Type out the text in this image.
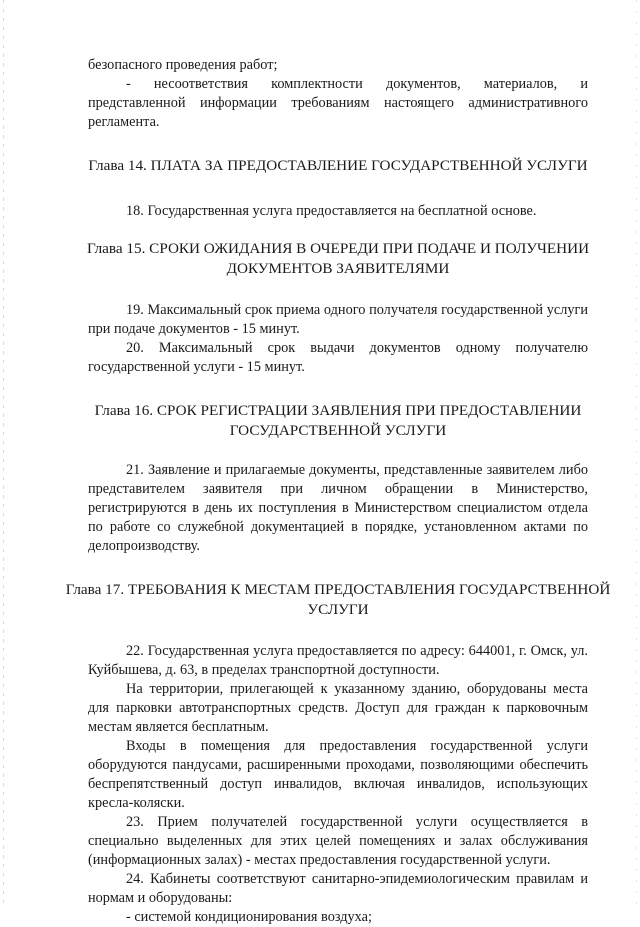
безопасного проведения работ;

- несоответствия комплектности документов, материалов, и представленной информации требованиям настоящего административного регламента.

Глава 14. ПЛАТА ЗА ПРЕДОСТАВЛЕНИЕ ГОСУДАРСТВЕННОЙ УСЛУГИ

18. Государственная услуга предоставляется на бесплатной основе.

Глава 15. СРОКИ ОЖИДАНИЯ В ОЧЕРЕДИ ПРИ ПОДАЧЕ И ПОЛУЧЕНИИ ДОКУМЕНТОВ ЗАЯВИТЕЛЯМИ

19. Максимальный срок приема одного получателя государственной услуги при подаче документов - 15 минут.

20. Максимальный срок выдачи документов одному получателю государственной услуги - 15 минут.

Глава 16. СРОК РЕГИСТРАЦИИ ЗАЯВЛЕНИЯ ПРИ ПРЕДОСТАВЛЕНИИ ГОСУДАРСТВЕННОЙ УСЛУГИ

21. Заявление и прилагаемые документы, представленные заявителем либо представителем заявителя при личном обращении в Министерство, регистрируются в день их поступления в Министерством специалистом отдела по работе со служебной документацией в порядке, установленном актами по делопроизводству.

Глава 17. ТРЕБОВАНИЯ К МЕСТАМ ПРЕДОСТАВЛЕНИЯ ГОСУДАРСТВЕННОЙ УСЛУГИ

22. Государственная услуга предоставляется по адресу: 644001, г. Омск, ул. Куйбышева, д. 63, в пределах транспортной доступности.

На территории, прилегающей к указанному зданию, оборудованы места для парковки автотранспортных средств. Доступ для граждан к парковочным местам является бесплатным.

Входы в помещения для предоставления государственной услуги оборудуются пандусами, расширенными проходами, позволяющими обеспечить беспрепятственный доступ инвалидов, включая инвалидов, использующих кресла-коляски.

23. Прием получателей государственной услуги осуществляется в специально выделенных для этих целей помещениях и залах обслуживания (информационных залах) - местах предоставления государственной услуги.

24. Кабинеты соответствуют санитарно-эпидемиологическим правилам и нормам и оборудованы:

- системой кондиционирования воздуха;
